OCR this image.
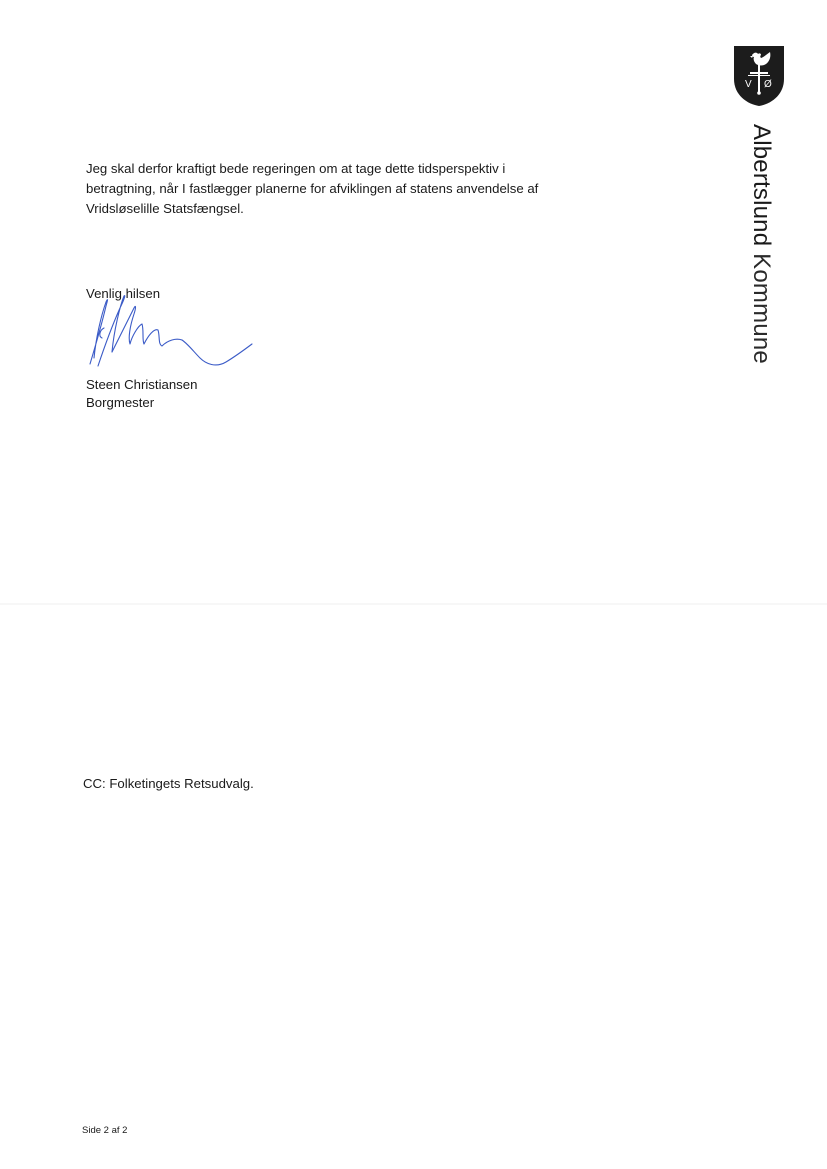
V Ø
Albertslund Kommune

Jeg skal derfor kraftigt bede regeringen om at tage dette tidsperspektiv i betragtning, når I fastlægger planerne for afviklingen af statens anvendelse af Vridsløselille Statsfængsel.

Venlig hilsen
Steen Christiansen
Borgmester
CC: Folketingets Retsudvalg.
Side 2 af 2
